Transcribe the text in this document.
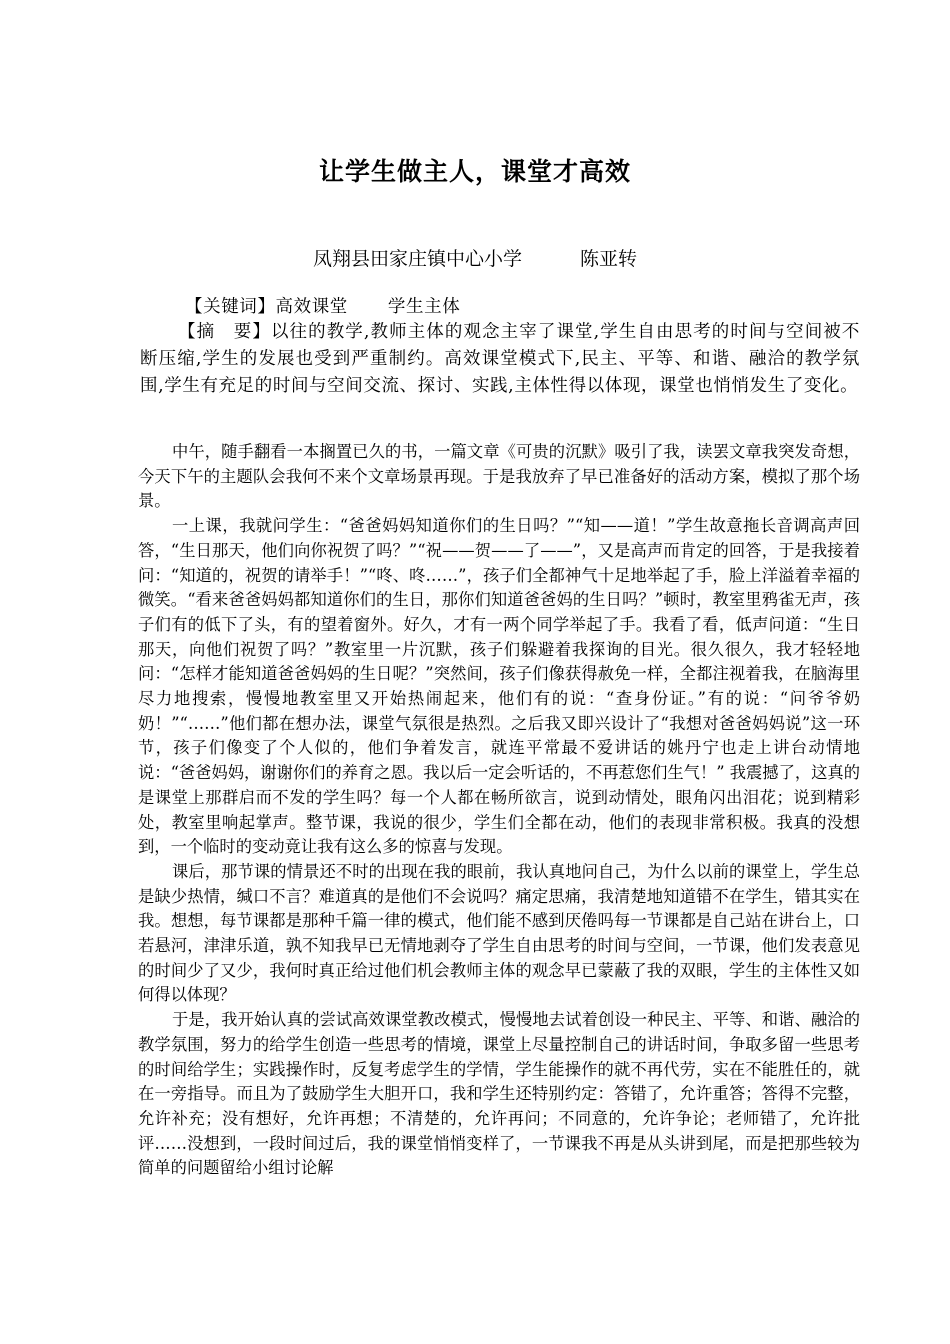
让学生做主人，课堂才高效
凤翔县田家庄镇中心小学	陈亚转
【关键词】高效课堂 学生主体

【摘　要】以往的教学,教师主体的观念主宰了课堂,学生自由思考的时间与空间被不断压缩,学生的发展也受到严重制约。高效课堂模式下,民主、平等、和谐、融洽的教学氛围,学生有充足的时间与空间交流、探讨、实践,主体性得以体现，课堂也悄悄发生了变化。

中午，随手翻看一本搁置已久的书，一篇文章《可贵的沉默》吸引了我，读罢文章我突发奇想，今天下午的主题队会我何不来个文章场景再现。于是我放弃了早已准备好的活动方案，模拟了那个场景。

一上课，我就问学生：“爸爸妈妈知道你们的生日吗？”“知——道！”学生故意拖长音调高声回答，“生日那天，他们向你祝贺了吗？”“祝——贺——了——”，又是高声而肯定的回答，于是我接着问：“知道的，祝贺的请举手！”“咚、咚……”，孩子们全都神气十足地举起了手，脸上洋溢着幸福的微笑。“看来爸爸妈妈都知道你们的生日，那你们知道爸爸妈的生日吗？”顿时，教室里鸦雀无声，孩子们有的低下了头，有的望着窗外。好久，才有一两个同学举起了手。我看了看，低声问道：“生日那天，向他们祝贺了吗？”教室里一片沉默，孩子们躲避着我探询的目光。很久很久，我才轻轻地问：“怎样才能知道爸爸妈妈的生日呢？”突然间，孩子们像获得赦免一样，全都注视着我，在脑海里尽力地搜索，慢慢地教室里又开始热闹起来，他们有的说：“查身份证。”有的说：“问爷爷奶奶！”“……”他们都在想办法，课堂气氛很是热烈。之后我又即兴设计了“我想对爸爸妈妈说”这一环节，孩子们像变了个人似的，他们争着发言，就连平常最不爱讲话的姚丹宁也走上讲台动情地说：“爸爸妈妈，谢谢你们的养育之恩。我以后一定会听话的，不再惹您们生气！” 我震撼了，这真的是课堂上那群启而不发的学生吗？每一个人都在畅所欲言，说到动情处，眼角闪出泪花；说到精彩处，教室里响起掌声。整节课，我说的很少，学生们全都在动，他们的表现非常积极。我真的没想到，一个临时的变动竟让我有这么多的惊喜与发现。

课后，那节课的情景还不时的出现在我的眼前，我认真地问自己，为什么以前的课堂上，学生总是缺少热情，缄口不言？难道真的是他们不会说吗？痛定思痛，我清楚地知道错不在学生，错其实在我。想想，每节课都是那种千篇一律的模式，他们能不感到厌倦吗每一节课都是自己站在讲台上，口若悬河，津津乐道，孰不知我早已无情地剥夺了学生自由思考的时间与空间，一节课，他们发表意见的时间少了又少，我何时真正给过他们机会教师主体的观念早已蒙蔽了我的双眼，学生的主体性又如何得以体现？

于是，我开始认真的尝试高效课堂教改模式，慢慢地去试着创设一种民主、平等、和谐、融洽的教学氛围，努力的给学生创造一些思考的情境，课堂上尽量控制自己的讲话时间，争取多留一些思考的时间给学生；实践操作时，反复考虑学生的学情，学生能操作的就不再代劳，实在不能胜任的，就在一旁指导。而且为了鼓励学生大胆开口，我和学生还特别约定：答错了，允许重答；答得不完整，允许补充；没有想好，允许再想；不清楚的，允许再问；不同意的，允许争论；老师错了，允许批评……没想到，一段时间过后，我的课堂悄悄变样了，一节课我不再是从头讲到尾，而是把那些较为简单的问题留给小组讨论解
